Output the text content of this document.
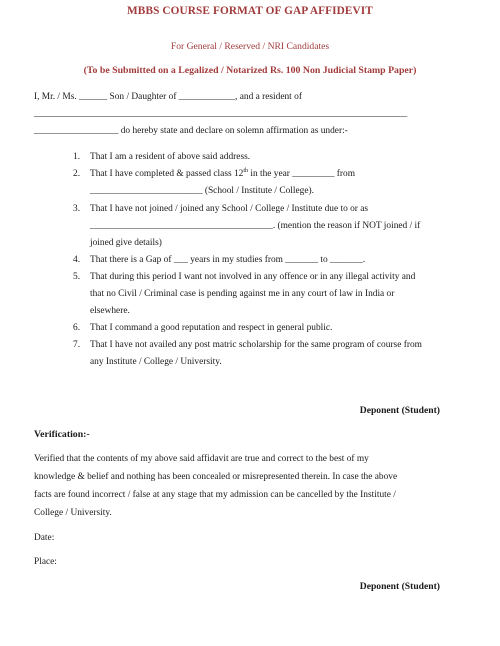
MBBS COURSE FORMAT OF GAP AFFIDEVIT
For General / Reserved / NRI Candidates
(To be Submitted on a Legalized / Notarized Rs. 100 Non Judicial Stamp Paper)
I, Mr. / Ms. ______ Son / Daughter of ____________, and a resident of
_________________________________________________________________________________________
__________________ do hereby state and declare on solemn affirmation as under:-
1. That I am a resident of above said address.
2. That I have completed & passed class 12th in the year _________ from
________________________ (School / Institute / College).
3. That I have not joined / joined any School / College / Institute due to or as
_______________________________________. (mention the reason if NOT joined / if
joined give details)
4. That there is a Gap of ___ years in my studies from _______ to _______.
5. That during this period I want not involved in any offence or in any illegal activity and
that no Civil / Criminal case is pending against me in any court of law in India or
elsewhere.
6. That I command a good reputation and respect in general public.
7. That I have not availed any post matric scholarship for the same program of course from
any Institute / College / University.
Deponent (Student)
Verification:-
Verified that the contents of my above said affidavit are true and correct to the best of my
knowledge & belief and nothing has been concealed or misrepresented therein. In case the above
facts are found incorrect / false at any stage that my admission can be cancelled by the Institute /
College / University.
Date:
Place:
Deponent (Student)
